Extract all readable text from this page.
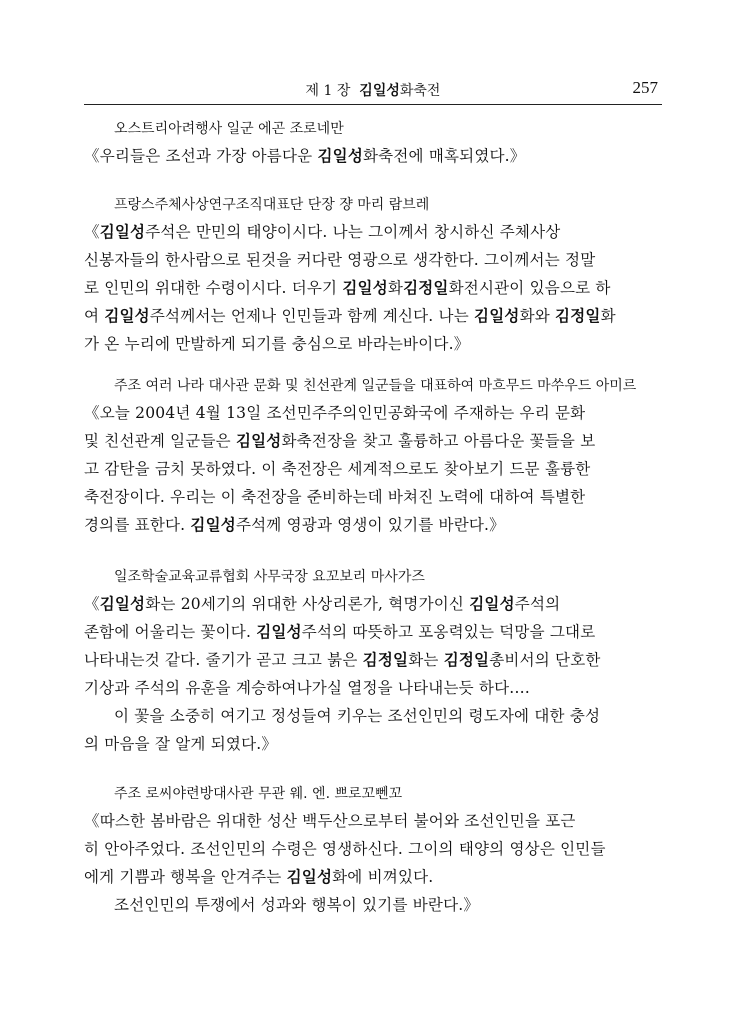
제 1 장 김일성화축전	257
오스트리아려행사 일군 에곤 조로네만
《우리들은 조선과 가장 아름다운 김일성화축전에 매혹되였다.》
프랑스주체사상연구조직대표단 단장 쟝 마리 람브레
《김일성주석은 만민의 태양이시다. 나는 그이께서 창시하신 주체사상
신봉자들의 한사람으로 된것을 커다란 영광으로 생각한다. 그이께서는 정말
로 인민의 위대한 수령이시다. 더우기 김일성화김정일화전시관이 있음으로 하
여 김일성주석께서는 언제나 인민들과 함께 계신다. 나는 김일성화와 김정일화
가 온 누리에 만발하게 되기를 충심으로 바라는바이다.》
주조 여러 나라 대사관 문화 및 친선관계 일군들을 대표하여 마흐무드 마쑤우드 아미르
《오늘 2004년 4월 13일 조선민주주의인민공화국에 주재하는 우리 문화
및 친선관계 일군들은 김일성화축전장을 찾고 훌륭하고 아름다운 꽃들을 보
고 감탄을 금치 못하였다. 이 축전장은 세계적으로도 찾아보기 드문 훌륭한
축전장이다. 우리는 이 축전장을 준비하는데 바쳐진 노력에 대하여 특별한
경의를 표한다. 김일성주석께 영광과 영생이 있기를 바란다.》
일조학술교육교류협회 사무국장 요꼬보리 마사가즈
《김일성화는 20세기의 위대한 사상리론가, 혁명가이신 김일성주석의
존함에 어울리는 꽃이다. 김일성주석의 따뜻하고 포옹력있는 덕망을 그대로
나타내는것 같다. 줄기가 곧고 크고 붉은 김정일화는 김정일총비서의 단호한
기상과 주석의 유훈을 계승하여나가실 열정을 나타내는듯 하다.…
이 꽃을 소중히 여기고 정성들여 키우는 조선인민의 령도자에 대한 충성
의 마음을 잘 알게 되였다.》
주조 로씨야련방대사관 무관 웨. 엔. 쁘로꼬뻰꼬
《따스한 봄바람은 위대한 성산 백두산으로부터 불어와 조선인민을 포근
히 안아주었다. 조선인민의 수령은 영생하신다. 그이의 태양의 영상은 인민들
에게 기쁨과 행복을 안겨주는 김일성화에 비껴있다.
조선인민의 투쟁에서 성과와 행복이 있기를 바란다.》
